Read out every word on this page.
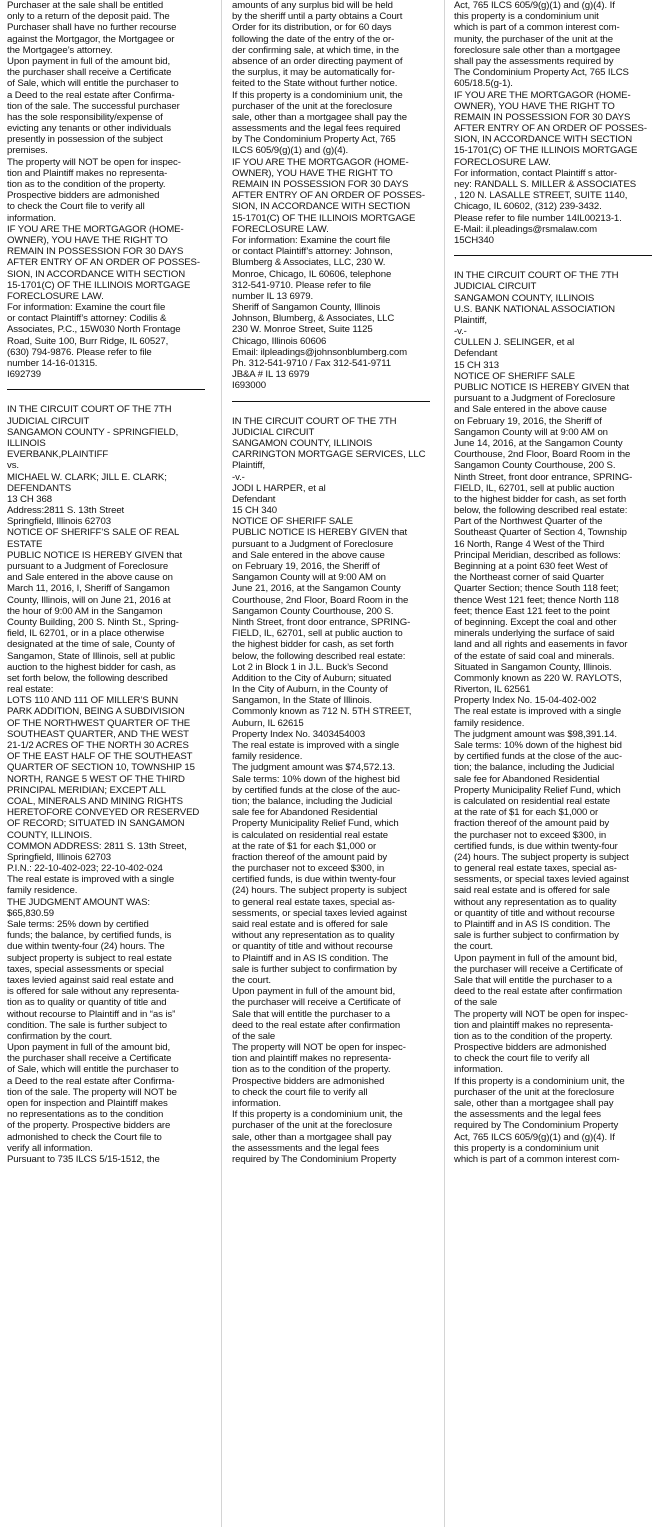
Purchaser at the sale shall be entitled
only to a return of the deposit paid. The
Purchaser shall have no further recourse
against the Mortgagor, the Mortgagee or
the Mortgagee’s attorney.
Upon payment in full of the amount bid,
the purchaser shall receive a Certificate
of Sale, which will entitle the purchaser to
a Deed to the real estate after Confirma-
tion of the sale. The successful purchaser
has the sole responsibility/expense of
evicting any tenants or other individuals
presently in possession of the subject
premises.
The property will NOT be open for inspec-
tion and Plaintiff makes no representa-
tion as to the condition of the property.
Prospective bidders are admonished
to check the Court file to verify all
information.
IF YOU ARE THE MORTGAGOR (HOME-
OWNER), YOU HAVE THE RIGHT TO
REMAIN IN POSSESSION FOR 30 DAYS
AFTER ENTRY OF AN ORDER OF POSSES-
SION, IN ACCORDANCE WITH SECTION
15-1701(C) OF THE ILLINOIS MORTGAGE
FORECLOSURE LAW.
For information: Examine the court file
or contact Plaintiff’s attorney: Codilis &
Associates, P.C., 15W030 North Frontage
Road, Suite 100, Burr Ridge, IL 60527,
(630) 794-9876. Please refer to file
number 14-16-01315.
I692739
IN THE CIRCUIT COURT OF THE 7TH
JUDICIAL CIRCUIT
SANGAMON COUNTY - SPRINGFIELD,
ILLINOIS
EVERBANK,PLAINTIFF
vs.
MICHAEL W. CLARK; JILL E. CLARK;
DEFENDANTS
13 CH 368
Address:2811 S. 13th Street
Springfield, Illinois 62703
NOTICE OF SHERIFF’S SALE OF REAL
ESTATE
PUBLIC NOTICE IS HEREBY GIVEN that
pursuant to a Judgment of Foreclosure
and Sale entered in the above cause on
March 11, 2016, I, Sheriff of Sangamon
County, Illinois, will on June 21, 2016 at
the hour of 9:00 AM in the Sangamon
County Building, 200 S. Ninth St., Spring-
field, IL 62701, or in a place otherwise
designated at the time of sale, County of
Sangamon, State of Illinois, sell at public
auction to the highest bidder for cash, as
set forth below, the following described
real estate:
LOTS 110 AND 111 OF MILLER’S BUNN
PARK ADDITION, BEING A SUBDIVISION
OF THE NORTHWEST QUARTER OF THE
SOUTHEAST QUARTER, AND THE WEST
21-1/2 ACRES OF THE NORTH 30 ACRES
OF THE EAST HALF OF THE SOUTHEAST
QUARTER OF SECTION 10, TOWNSHIP 15
NORTH, RANGE 5 WEST OF THE THIRD
PRINCIPAL MERIDIAN; EXCEPT ALL
COAL, MINERALS AND MINING RIGHTS
HERETOFORE CONVEYED OR RESERVED
OF RECORD; SITUATED IN SANGAMON
COUNTY, ILLINOIS.
COMMON ADDRESS: 2811 S. 13th Street,
Springfield, Illinois 62703
P.I.N.: 22-10-402-023; 22-10-402-024
The real estate is improved with a single
family residence.
THE JUDGMENT AMOUNT WAS:
$65,830.59
Sale terms: 25% down by certified
funds; the balance, by certified funds, is
due within twenty-four (24) hours. The
subject property is subject to real estate
taxes, special assessments or special
taxes levied against said real estate and
is offered for sale without any representa-
tion as to quality or quantity of title and
without recourse to Plaintiff and in “as is”
condition. The sale is further subject to
confirmation by the court.
Upon payment in full of the amount bid,
the purchaser shall receive a Certificate
of Sale, which will entitle the purchaser to
a Deed to the real estate after Confirma-
tion of the sale. The property will NOT be
open for inspection and Plaintiff makes
no representations as to the condition
of the property. Prospective bidders are
admonished to check the Court file to
verify all information.
Pursuant to 735 ILCS 5/15-1512, the
amounts of any surplus bid will be held
by the sheriff until a party obtains a Court
Order for its distribution, or for 60 days
following the date of the entry of the or-
der confirming sale, at which time, in the
absence of an order directing payment of
the surplus, it may be automatically for-
feited to the State without further notice.
If this property is a condominium unit, the
purchaser of the unit at the foreclosure
sale, other than a mortgagee shall pay the
assessments and the legal fees required
by The Condominium Property Act, 765
ILCS 605/9(g)(1) and (g)(4).
IF YOU ARE THE MORTGAGOR (HOME-
OWNER), YOU HAVE THE RIGHT TO
REMAIN IN POSSESSION FOR 30 DAYS
AFTER ENTRY OF AN ORDER OF POSSES-
SION, IN ACCORDANCE WITH SECTION
15-1701(C) OF THE ILLINOIS MORTGAGE
FORECLOSURE LAW.
For information: Examine the court file
or contact Plaintiff’s attorney: Johnson,
Blumberg & Associates, LLC, 230 W.
Monroe, Chicago, IL 60606, telephone
312-541-9710. Please refer to file
number IL 13 6979.
Sheriff of Sangamon County, Illinois
Johnson, Blumberg, & Associates, LLC
230 W. Monroe Street, Suite 1125
Chicago, Illinois 60606
Email: ilpleadings@johnsonblumberg.com
Ph. 312-541-9710 / Fax 312-541-9711
JB&A # IL 13 6979
I693000
IN THE CIRCUIT COURT OF THE 7TH
JUDICIAL CIRCUIT
SANGAMON COUNTY, ILLINOIS
CARRINGTON MORTGAGE SERVICES, LLC
Plaintiff,
-v.-
JODI L HARPER, et al
Defendant
15 CH 340
NOTICE OF SHERIFF SALE
PUBLIC NOTICE IS HEREBY GIVEN that
pursuant to a Judgment of Foreclosure
and Sale entered in the above cause
on February 19, 2016, the Sheriff of
Sangamon County will at 9:00 AM on
June 21, 2016, at the Sangamon County
Courthouse, 2nd Floor, Board Room in the
Sangamon County Courthouse, 200 S.
Ninth Street, front door entrance, SPRING-
FIELD, IL, 62701, sell at public auction to
the highest bidder for cash, as set forth
below, the following described real estate:
Lot 2 in Block 1 in J.L. Buck’s Second
Addition to the City of Auburn; situated
In the City of Auburn, in the County of
Sangamon, In the State of Illinois.
Commonly known as 712 N. 5TH STREET,
Auburn, IL 62615
Property Index No. 3403454003
The real estate is improved with a single
family residence.
The judgment amount was $74,572.13.
Sale terms: 10% down of the highest bid
by certified funds at the close of the auc-
tion; the balance, including the Judicial
sale fee for Abandoned Residential
Property Municipality Relief Fund, which
is calculated on residential real estate
at the rate of $1 for each $1,000 or
fraction thereof of the amount paid by
the purchaser not to exceed $300, in
certified funds, is due within twenty-four
(24) hours. The subject property is subject
to general real estate taxes, special as-
sessments, or special taxes levied against
said real estate and is offered for sale
without any representation as to quality
or quantity of title and without recourse
to Plaintiff and in AS IS condition. The
sale is further subject to confirmation by
the court.
Upon payment in full of the amount bid,
the purchaser will receive a Certificate of
Sale that will entitle the purchaser to a
deed to the real estate after confirmation
of the sale
The property will NOT be open for inspec-
tion and plaintiff makes no representa-
tion as to the condition of the property.
Prospective bidders are admonished
to check the court file to verify all
information.
If this property is a condominium unit, the
purchaser of the unit at the foreclosure
sale, other than a mortgagee shall pay
the assessments and the legal fees
required by The Condominium Property
Act, 765 ILCS 605/9(g)(1) and (g)(4). If
this property is a condominium unit
which is part of a common interest com-
munity, the purchaser of the unit at the
foreclosure sale other than a mortgagee
shall pay the assessments required by
The Condominium Property Act, 765 ILCS
605/18.5(g-1).
IF YOU ARE THE MORTGAGOR (HOME-
OWNER), YOU HAVE THE RIGHT TO
REMAIN IN POSSESSION FOR 30 DAYS
AFTER ENTRY OF AN ORDER OF POSSES-
SION, IN ACCORDANCE WITH SECTION
15-1701(C) OF THE ILLINOIS MORTGAGE
FORECLOSURE LAW.
For information, contact Plaintiff s attor-
ney: RANDALL S. MILLER & ASSOCIATES
, 120 N. LASALLE STREET, SUITE 1140,
Chicago, IL 60602, (312) 239-3432.
Please refer to file number 14IL00213-1.
E-Mail: il.pleadings@rsmalaw.com
15CH340
IN THE CIRCUIT COURT OF THE 7TH
JUDICIAL CIRCUIT
SANGAMON COUNTY, ILLINOIS
U.S. BANK NATIONAL ASSOCIATION
Plaintiff,
-v.-
CULLEN J. SELINGER, et al
Defendant
15 CH 313
NOTICE OF SHERIFF SALE
PUBLIC NOTICE IS HEREBY GIVEN that
pursuant to a Judgment of Foreclosure
and Sale entered in the above cause
on February 19, 2016, the Sheriff of
Sangamon County will at 9:00 AM on
June 14, 2016, at the Sangamon County
Courthouse, 2nd Floor, Board Room in the
Sangamon County Courthouse, 200 S.
Ninth Street, front door entrance, SPRING-
FIELD, IL, 62701, sell at public auction
to the highest bidder for cash, as set forth
below, the following described real estate:
Part of the Northwest Quarter of the
Southeast Quarter of Section 4, Township
16 North, Range 4 West of the Third
Principal Meridian, described as follows:
Beginning at a point 630 feet West of
the Northeast corner of said Quarter
Quarter Section; thence South 118 feet;
thence West 121 feet; thence North 118
feet; thence East 121 feet to the point
of beginning. Except the coal and other
minerals underlying the surface of said
land and all rights and easements in favor
of the estate of said coal and minerals.
Situated in Sangamon County, Illinois.
Commonly known as 220 W. RAYLOTS,
Riverton, IL 62561
Property Index No. 15-04-402-002
The real estate is improved with a single
family residence.
The judgment amount was $98,391.14.
Sale terms: 10% down of the highest bid
by certified funds at the close of the auc-
tion; the balance, including the Judicial
sale fee for Abandoned Residential
Property Municipality Relief Fund, which
is calculated on residential real estate
at the rate of $1 for each $1,000 or
fraction thereof of the amount paid by
the purchaser not to exceed $300, in
certified funds, is due within twenty-four
(24) hours. The subject property is subject
to general real estate taxes, special as-
sessments, or special taxes levied against
said real estate and is offered for sale
without any representation as to quality
or quantity of title and without recourse
to Plaintiff and in AS IS condition. The
sale is further subject to confirmation by
the court.
Upon payment in full of the amount bid,
the purchaser will receive a Certificate of
Sale that will entitle the purchaser to a
deed to the real estate after confirmation
of the sale
The property will NOT be open for inspec-
tion and plaintiff makes no representa-
tion as to the condition of the property.
Prospective bidders are admonished
to check the court file to verify all
information.
If this property is a condominium unit, the
purchaser of the unit at the foreclosure
sale, other than a mortgagee shall pay
the assessments and the legal fees
required by The Condominium Property
Act, 765 ILCS 605/9(g)(1) and (g)(4). If
this property is a condominium unit
which is part of a common interest com-
